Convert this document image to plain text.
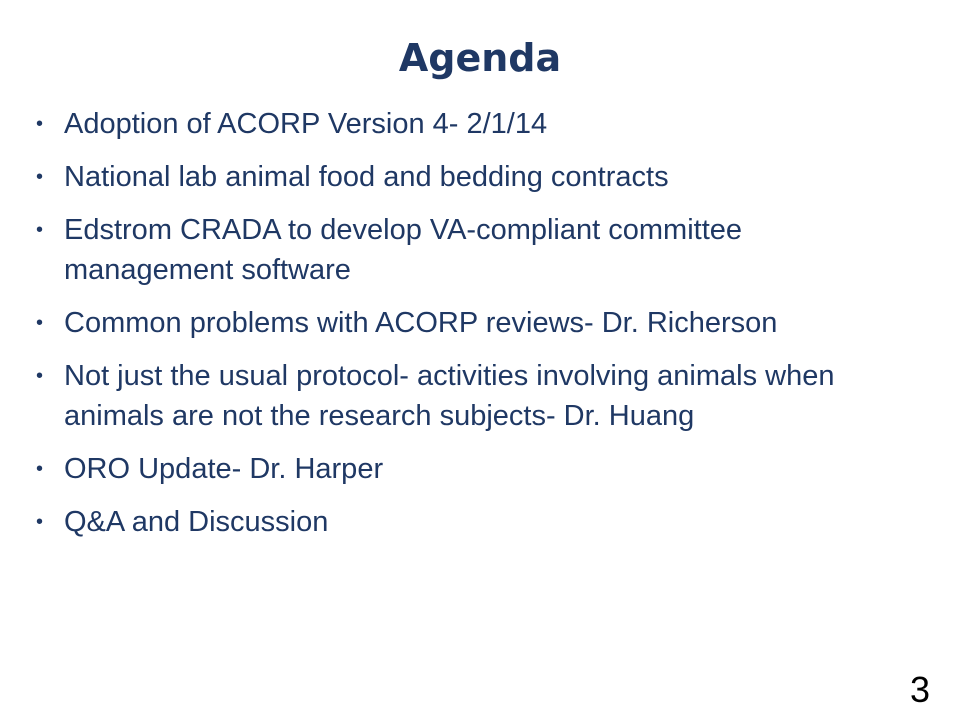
Agenda
• Adoption of ACORP Version 4- 2/1/14
• National lab animal food and bedding contracts
• Edstrom CRADA to develop VA-compliant committee management software
• Common problems with ACORP reviews- Dr. Richerson
• Not just the usual protocol- activities involving animals when animals are not the research subjects- Dr. Huang
• ORO Update- Dr. Harper
• Q&A and Discussion
3
